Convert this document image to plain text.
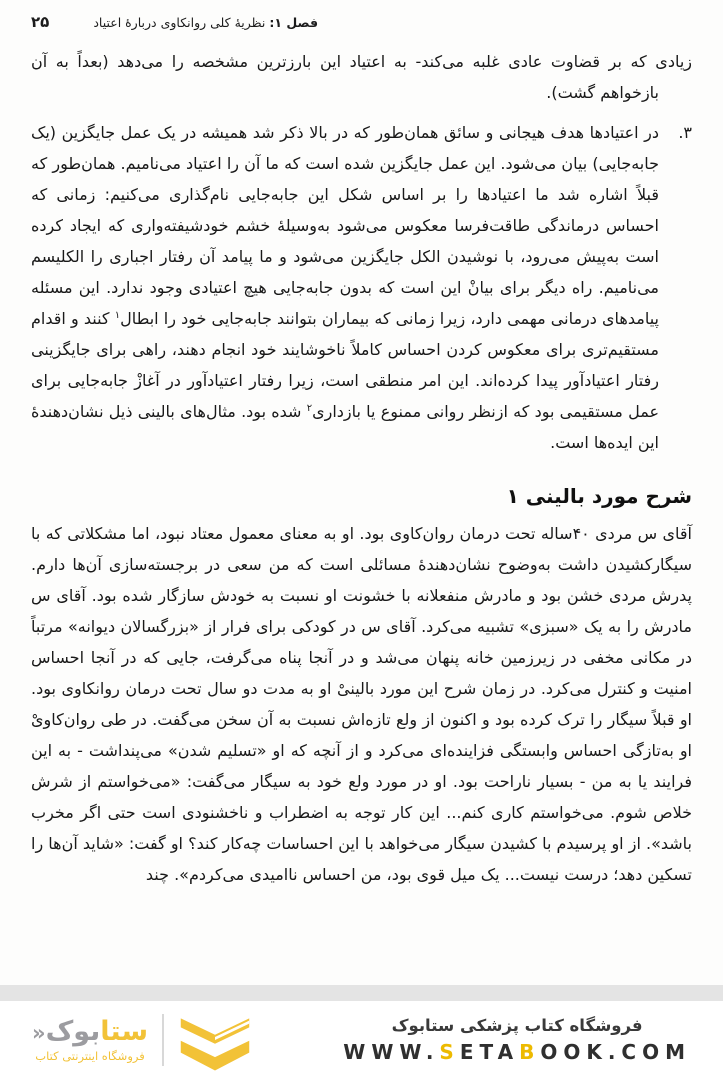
۲۵	فصل ۱: نظریهٔ کلی روانکاوی دربارهٔ اعتیاد

زیادی که بر قضاوت عادی غلبه می‌کند- به اعتیاد این بارزترین مشخصه را می‌دهد (بعداً به آن بازخواهم گشت).

۳.

در اعتیادها هدف هیجانی و سائق همان‌طور که در بالا ذکر شد همیشه در یک عمل جایگزین (یک جابه‌جایی) بیان می‌شود. این عمل جایگزین شده است که ما آن را اعتیاد می‌نامیم. همان‌طور که قبلاً اشاره شد ما اعتیادها را بر اساس شکل این جابه‌جایی نام‌گذاری می‌کنیم: زمانی که احساس درماندگی طاقت‌فرسا معکوس می‌شود به‌وسیلهٔ خشم خودشیفته‌واری که ایجاد کرده است به‌پیش می‌رود، با نوشیدن الکل جایگزین می‌شود و ما پیامد آن رفتار اجباری را الکلیسم می‌نامیم. راه دیگر برای بیانْ این است که بدون جابه‌جایی هیچ اعتیادی وجود ندارد. این مسئله پیامدهای درمانی مهمی دارد، زیرا زمانی که بیماران بتوانند جابه‌جایی خود را ابطال$^۱$ کنند و اقدام مستقیم‌تری برای معکوس کردن احساس کاملاً ناخوشایند خود انجام دهند، راهی برای جایگزینی رفتار اعتیادآور پیدا کرده‌اند. این امر منطقی است، زیرا رفتار اعتیادآور در آغازْ جابه‌جایی برای عمل مستقیمی بود که ازنظر روانی ممنوع یا بازداری$^۲$ شده بود. مثال‌های بالینی ذیل نشان‌دهندهٔ این ایده‌ها است.

شرح مورد بالینی ۱

آقای س مردی ۴۰ساله تحت درمان روان‌کاوی بود. او به معنای معمول معتاد نبود، اما مشکلاتی که با سیگارکشیدن داشت به‌وضوح نشان‌دهندهٔ مسائلی است که من سعی در برجسته‌سازی آن‌ها دارم. پدرش مردی خشن بود و مادرش منفعلانه با خشونت او نسبت به خودش سازگار شده بود. آقای س مادرش را به یک «سبزی» تشبیه می‌کرد. آقای س در کودکی برای فرار از «بزرگسالان دیوانه» مرتباً در مکانی مخفی در زیرزمین خانه پنهان می‌شد و در آنجا پناه می‌گرفت، جایی که در آنجا احساس امنیت و کنترل می‌کرد. در زمان شرح این مورد بالینیْ او به مدت دو سال تحت درمان روانکاوی بود. او قبلاً سیگار را ترک کرده بود و اکنون از ولع تازه‌اش نسبت به آن سخن می‌گفت. در طی روان‌کاویْ او به‌تازگی احساس وابستگی فزاینده‌ای می‌کرد و از آنچه که او «تسلیم شدن» می‌پنداشت - به این فرایند یا به من - بسیار ناراحت بود. او در مورد ولع خود به سیگار می‌گفت: «می‌خواستم از شرش خلاص شوم. می‌خواستم کاری کنم... این کار توجه به اضطراب و ناخشنودی است حتی اگر مخرب باشد». از او پرسیدم با کشیدن سیگار می‌خواهد با این احساسات چه‌کار کند؟ او گفت: «شاید آن‌ها را تسکین دهد؛ درست نیست... یک میل قوی بود، من احساس ناامیدی می‌کردم». چند

ستابوک«
فروشگاه اینترنتی کتاب
فروشگاه کتاب پزشکی ستابوک
WWW.SETABOOK.COM
